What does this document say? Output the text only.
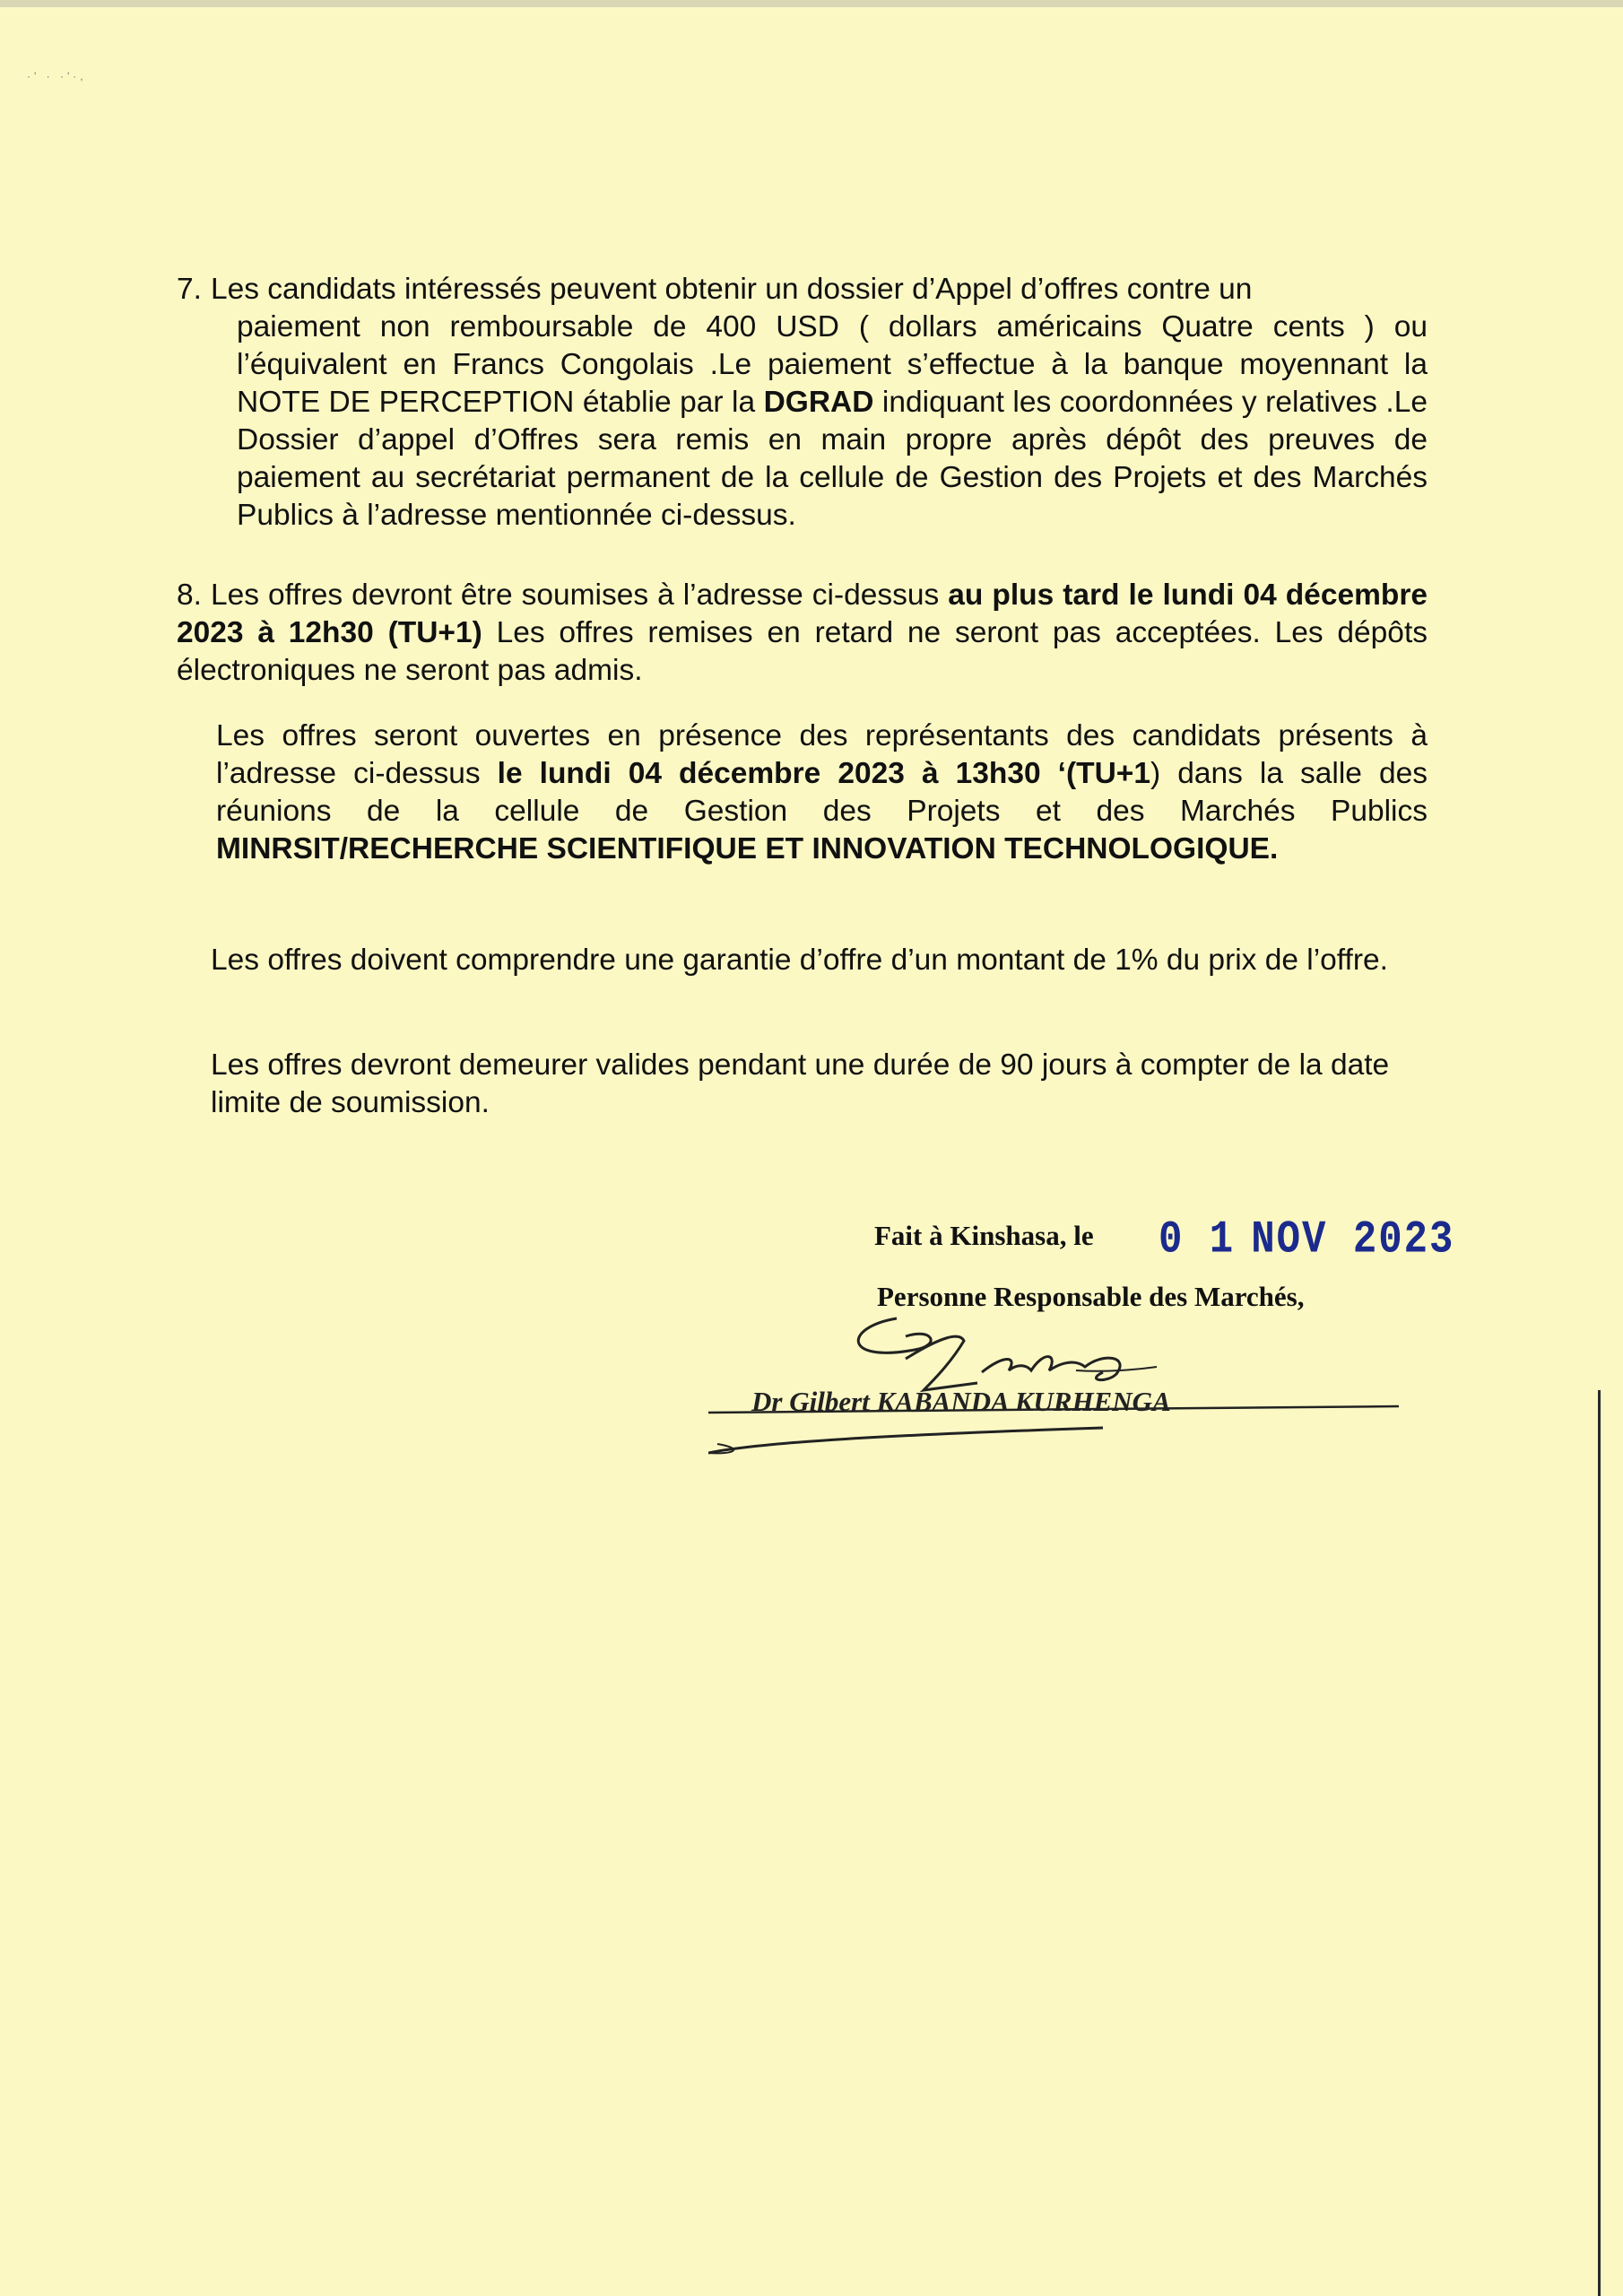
·' · ·'·,
7. Les candidats intéressés peuvent obtenir un dossier d’Appel d’offres contre un
paiement non remboursable de 400 USD ( dollars américains Quatre cents ) ou l’équivalent en Francs Congolais .Le paiement s’effectue à la banque moyennant la NOTE DE PERCEPTION établie par la DGRAD indiquant les coordonnées y relatives .Le Dossier d’appel d’Offres sera remis en main propre après dépôt des preuves de paiement au secrétariat permanent de la cellule de Gestion des Projets et des Marchés Publics à l’adresse mentionnée ci-dessus.
8. Les offres devront être soumises à l’adresse ci-dessus au plus tard le lundi 04 décembre 2023 à 12h30 (TU+1) Les offres remises en retard ne seront pas acceptées. Les dépôts électroniques ne seront pas admis.
Les offres seront ouvertes en présence des représentants des candidats présents à l’adresse ci-dessus le lundi 04 décembre 2023 à 13h30 ‘(TU+1) dans la salle des réunions de la cellule de Gestion des Projets et des Marchés Publics MINRSIT/RECHERCHE SCIENTIFIQUE ET INNOVATION TECHNOLOGIQUE.
Les offres doivent comprendre une garantie d’offre d’un montant de 1% du prix de l’offre.
Les offres devront demeurer valides pendant une durée de 90 jours à compter de la date limite de soumission.
Fait à Kinshasa, le 0 1 NOV 2023
Personne Responsable des Marchés,
Dr Gilbert KABANDA KURHENGA
